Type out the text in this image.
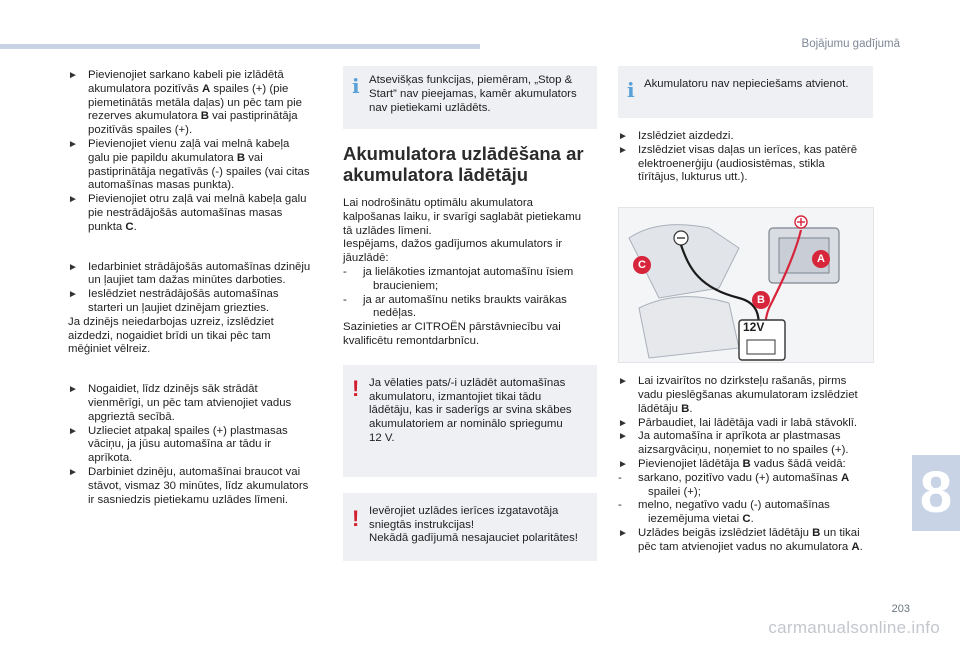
Bojājumu gadījumā
► Pievienojiet sarkano kabeli pie izlādētā
akumulatora pozitīvās A spailes (+) (pie
piemetinātās metāla daļas) un pēc tam pie
rezerves akumulatora B vai pastiprinātāja
pozitīvās spailes (+).
► Pievienojiet vienu zaļā vai melnā kabeļa
galu pie papildu akumulatora B vai
pastiprinātāja negatīvās (-) spailes (vai citas
automašīnas masas punkta).
► Pievienojiet otru zaļā vai melnā kabeļa galu
pie nestrādājošās automašīnas masas
punkta C.
► Iedarbiniet strādājošās automašīnas dzinēju
un ļaujiet tam dažas minūtes darboties.
► Ieslēdziet nestrādājošās automašīnas
starteri un ļaujiet dzinējam griezties.

Ja dzinējs neiedarbojas uzreiz, izslēdziet
aizdedzi, nogaidiet brīdi un tikai pēc tam
mēģiniet vēlreiz.

► Nogaidiet, līdz dzinējs sāk strādāt
vienmērīgi, un pēc tam atvienojiet vadus
apgrieztā secībā.
► Uzlieciet atpakaļ spailes (+) plastmasas
vāciņu, ja jūsu automašīna ar tādu ir
aprīkota.
► Darbiniet dzinēju, automašīnai braucot vai
stāvot, vismaz 30 minūtes, līdz akumulators
ir sasniedzis pietiekamu uzlādes līmeni.
i Atsevišķas funkcijas, piemēram, „Stop &
Start” nav pieejamas, kamēr akumulators
nav pietiekami uzlādēts.
Akumulatora uzlādēšana ar
akumulatora lādētāju

Lai nodrošinātu optimālu akumulatora
kalpošanas laiku, ir svarīgi saglabāt pietiekamu
tā uzlādes līmeni.
Iespējams, dažos gadījumos akumulators ir
jāuzlādē:

- ja lielākoties izmantojat automašīnu īsiem
braucieniem;
- ja ar automašīnu netiks braukts vairākas
nedēļas.

Sazinieties ar CITROËN pārstāvniecību vai
kvalificētu remontdarbnīcu.

! Ja vēlaties pats/-i uzlādēt automašīnas
akumulatoru, izmantojiet tikai tādu
lādētāju, kas ir saderīgs ar svina skābes
akumulatoriem ar nominālo spriegumu
12 V.
! Ievērojiet uzlādes ierīces izgatavotāja
sniegtās instrukcijas!
Nekādā gadījumā nesajauciet polaritātes!
i Akumulatoru nav nepieciešams atvienot.
► Izslēdziet aizdedzi.
► Izslēdziet visas daļas un ierīces, kas patērē
elektroenerģiju (audiosistēmas, stikla
tīrītājus, lukturus utt.).
A
B
C
12V
► Lai izvairītos no dzirksteļu rašanās, pirms
vadu pieslēgšanas akumulatoram izslēdziet
lādētāju B.
► Pārbaudiet, lai lādētāja vadi ir labā stāvoklī.
► Ja automašīna ir aprīkota ar plastmasas
aizsargvāciņu, noņemiet to no spailes (+).
► Pievienojiet lādētāja B vadus šādā veidā:
- sarkano, pozitīvo vadu (+) automašīnas A
spailei (+);
- melno, negatīvo vadu (-) automašīnas
iezemējuma vietai C.
► Uzlādes beigās izslēdziet lādētāju B un tikai
pēc tam atvienojiet vadus no akumulatora A.
8
203
carmanualsonline.info
